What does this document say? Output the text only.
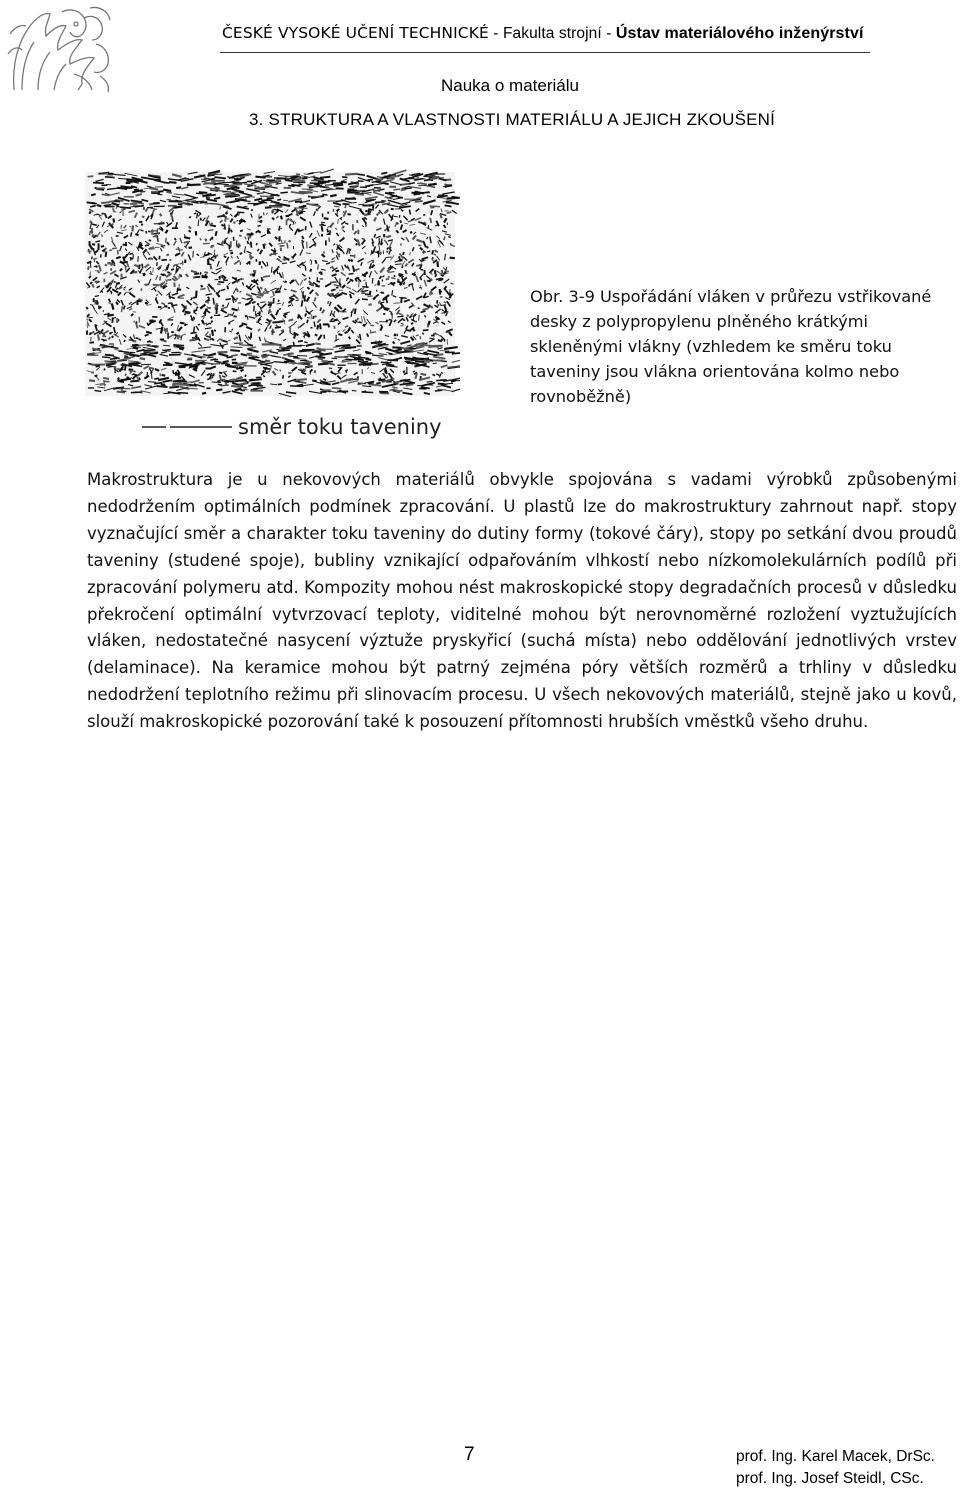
ČESKÉ VYSOKÉ UČENÍ TECHNICKÉ - Fakulta strojní - Ústav materiálového inženýrství
Nauka o materiálu
3. STRUKTURA A VLASTNOSTI MATERIÁLU A JEJICH ZKOUŠENÍ
směr toku taveniny
Obr. 3-9 Uspořádání vláken v průřezu vstřikované desky z polypropylenu plněného krátkými skleněnými vlákny (vzhledem ke směru toku taveniny jsou vlákna orientována kolmo nebo rovnoběžně)
Makrostruktura je u nekovových materiálů obvykle spojována s vadami výrobků způsobenými nedodržením optimálních podmínek zpracování. U plastů lze do makrostruktury zahrnout např. stopy vyznačující směr a charakter toku taveniny do dutiny formy (tokové čáry), stopy po setkání dvou proudů taveniny (studené spoje), bubliny vznikající odpařováním vlhkostí nebo nízkomolekulárních podílů při zpracování polymeru atd. Kompozity mohou nést makroskopické stopy degradačních procesů v důsledku překročení optimální vytvrzovací teploty, viditelné mohou být nerovnoměrné rozložení vyztužujících vláken, nedostatečné nasycení výztuže pryskyřicí (suchá místa) nebo oddělování jednotlivých vrstev (delaminace). Na keramice mohou být patrný zejména póry větších rozměrů a trhliny v důsledku nedodržení teplotního režimu při slinovacím procesu. U všech nekovových materiálů, stejně jako u kovů, slouží makroskopické pozorování také k posouzení přítomnosti hrubších vměstků všeho druhu.
7	prof. Ing. Karel Macek, DrSc.
prof. Ing. Josef Steidl, CSc.
